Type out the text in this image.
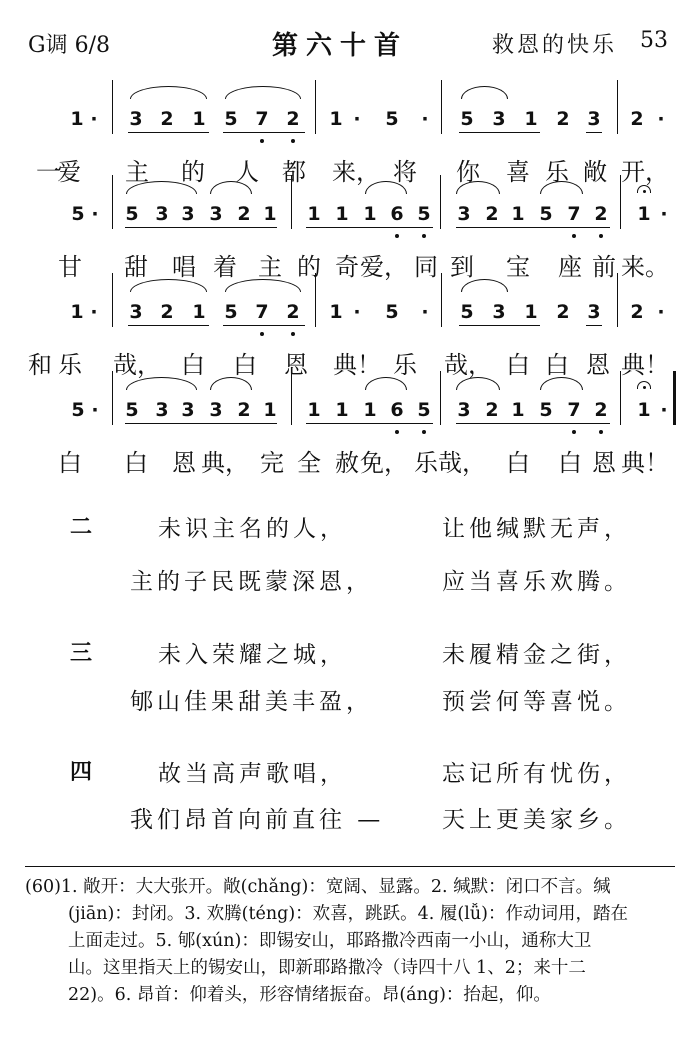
G调 6/8	第六十首	救恩的快乐 53
1 · 3 2 1 5 7 2 1 · 5 · 5 3 1 2 3 2 ·
一
爱 主 的 人 都 来， 将 你 喜 乐 敞 开，
5 · 5 3 3 3 2 1 1 1 1 6 5 3 2 1 5 7 2 1 ·
甘 甜 唱 着 主 的 奇 爱， 同 到 宝 座 前 来。
1 · 3 2 1 5 7 2 1 · 5 · 5 3 1 2 3 2 ·
和 乐 哉， 白 白 恩 典！ 乐 哉， 白 白 恩 典！
5 · 5 3 3 3 2 1 1 1 1 6 5 3 2 1 5 7 2 1 ·
白 白 恩 典， 完 全 赦 免， 乐 哉， 白 白 恩 典！
二	未识主名的人，	让他缄默无声，
主的子民既蒙深恩，	应当喜乐欢腾。
三	未入荣耀之城，	未履精金之街，
郇山佳果甜美丰盈，	预尝何等喜悦。
四	故当高声歌唱，	忘记所有忧伤，
我们昂首向前直往 —	天上更美家乡。
(60)1. 敞开：大大张开。敞(chǎng)：宽阔、显露。2. 缄默：闭口不言。缄
(jiān)：封闭。3. 欢腾(téng)：欢喜，跳跃。4. 履(lǚ)：作动词用，踏在
上面走过。5. 郇(xún)：即锡安山，耶路撒冷西南一小山，通称大卫
山。这里指天上的锡安山，即新耶路撒冷（诗四十八 1、2；来十二
22)。6. 昂首：仰着头，形容情绪振奋。昂(áng)：抬起，仰。
